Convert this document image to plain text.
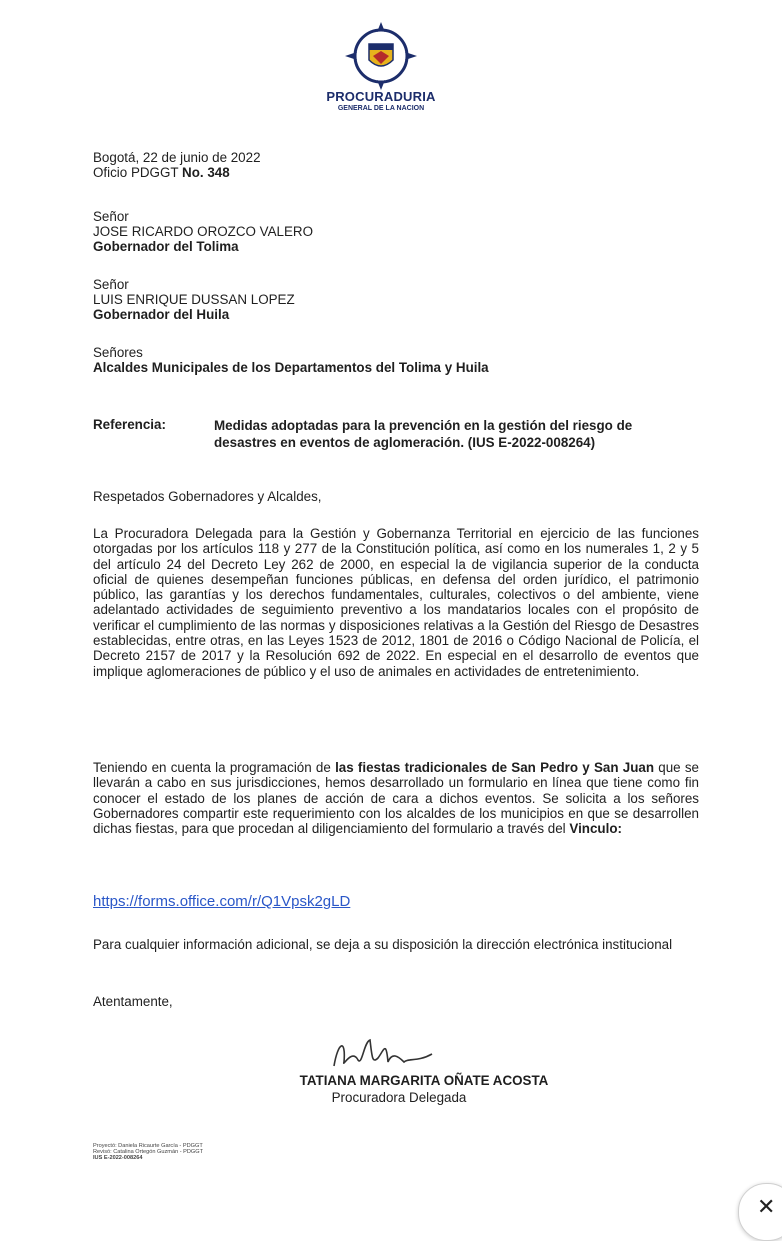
PROCURADURIA
GENERAL DE LA NACION
Bogotá, 22 de junio de 2022
Oficio PDGGT No. 348
Señor
JOSE RICARDO OROZCO VALERO
Gobernador del Tolima
Señor
LUIS ENRIQUE DUSSAN LOPEZ
Gobernador del Huila
Señores
Alcaldes Municipales de los Departamentos del Tolima y Huila
Referencia:	Medidas adoptadas para la prevención en la gestión del riesgo de desastres en eventos de aglomeración. (IUS E-2022-008264)
Respetados Gobernadores y Alcaldes,
La Procuradora Delegada para la Gestión y Gobernanza Territorial en ejercicio de las funciones otorgadas por los artículos 118 y 277 de la Constitución política, así como en los numerales 1, 2 y 5 del artículo 24 del Decreto Ley 262 de 2000, en especial la de vigilancia superior de la conducta oficial de quienes desempeñan funciones públicas, en defensa del orden jurídico, el patrimonio público, las garantías y los derechos fundamentales, culturales, colectivos o del ambiente, viene adelantado actividades de seguimiento preventivo a los mandatarios locales con el propósito de verificar el cumplimiento de las normas y disposiciones relativas a la Gestión del Riesgo de Desastres establecidas, entre otras, en las Leyes 1523 de 2012, 1801 de 2016 o Código Nacional de Policía, el Decreto 2157 de 2017 y la Resolución 692 de 2022. En especial en el desarrollo de eventos que implique aglomeraciones de público y el uso de animales en actividades de entretenimiento.
Teniendo en cuenta la programación de las fiestas tradicionales de San Pedro y San Juan que se llevarán a cabo en sus jurisdicciones, hemos desarrollado un formulario en línea que tiene como fin conocer el estado de los planes de acción de cara a dichos eventos. Se solicita a los señores Gobernadores compartir este requerimiento con los alcaldes de los municipios en que se desarrollen dichas fiestas, para que procedan al diligenciamiento del formulario a través del Vinculo:
https://forms.office.com/r/Q1Vpsk2gLD
Para cualquier información adicional, se deja a su disposición la dirección electrónica institucional
Atentamente,
TATIANA MARGARITA OÑATE ACOSTA
Procuradora Delegada
Proyectó: Daniela Ricaurte García - PDGGT
Revisó: Catalina Ortegón Guzmán - PDGGT
IUS E-2022-008264
✕
